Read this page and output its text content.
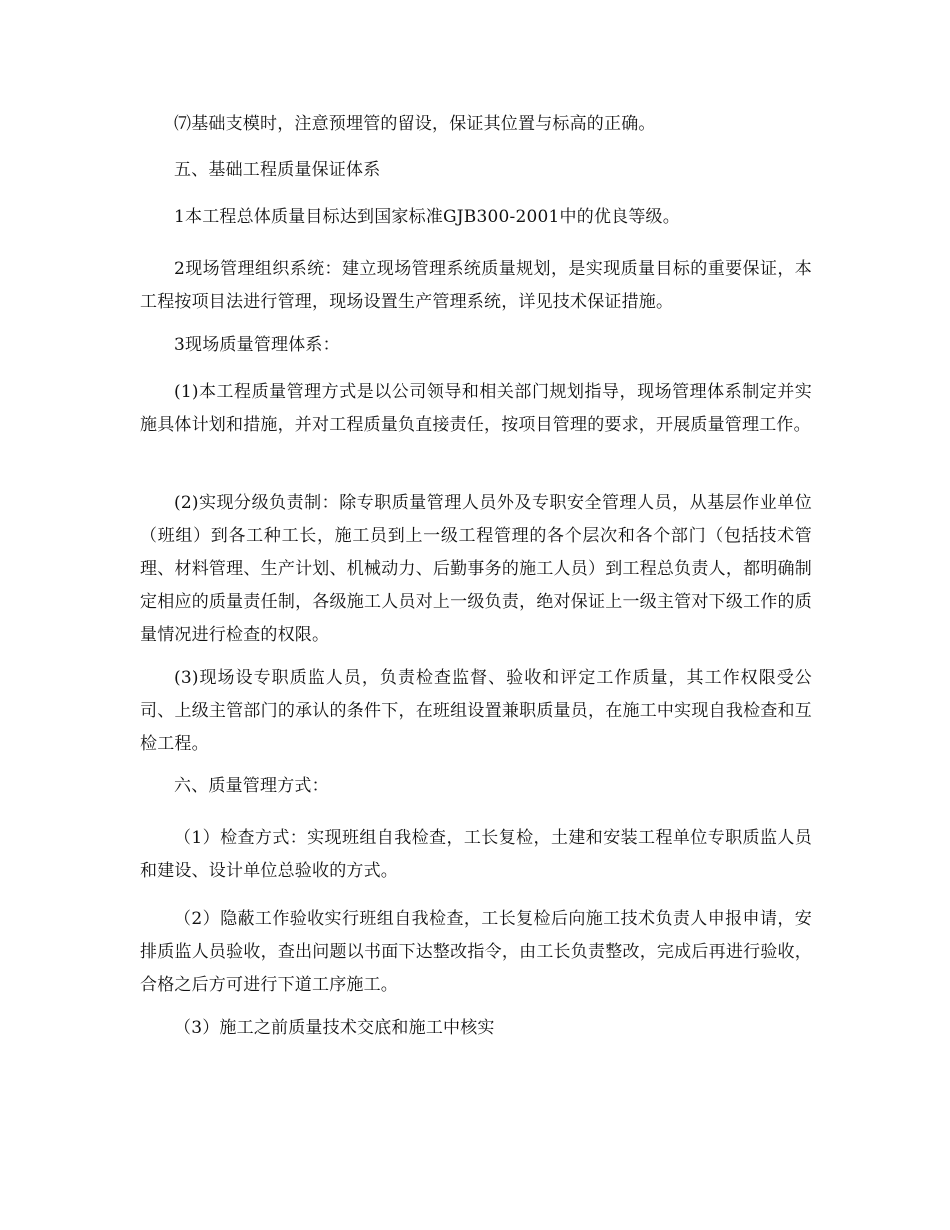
⑺基础支模时，注意预埋管的留设，保证其位置与标高的正确。

五、基础工程质量保证体系

1本工程总体质量目标达到国家标准GJB300-2001中的优良等级。

2现场管理组织系统：建立现场管理系统质量规划，是实现质量目标的重要保证，本工程按项目法进行管理，现场设置生产管理系统，详见技术保证措施。

3现场质量管理体系：

(1)本工程质量管理方式是以公司领导和相关部门规划指导，现场管理体系制定并实施具体计划和措施，并对工程质量负直接责任，按项目管理的要求，开展质量管理工作。

(2)实现分级负责制：除专职质量管理人员外及专职安全管理人员，从基层作业单位（班组）到各工种工长，施工员到上一级工程管理的各个层次和各个部门（包括技术管理、材料管理、生产计划、机械动力、后勤事务的施工人员）到工程总负责人，都明确制定相应的质量责任制，各级施工人员对上一级负责，绝对保证上一级主管对下级工作的质量情况进行检查的权限。

(3)现场设专职质监人员，负责检查监督、验收和评定工作质量，其工作权限受公司、上级主管部门的承认的条件下，在班组设置兼职质量员，在施工中实现自我检查和互检工程。

六、质量管理方式：

（1）检查方式：实现班组自我检查，工长复检，土建和安装工程单位专职质监人员和建设、设计单位总验收的方式。

（2）隐蔽工作验收实行班组自我检查，工长复检后向施工技术负责人申报申请，安排质监人员验收，查出问题以书面下达整改指令，由工长负责整改，完成后再进行验收，合格之后方可进行下道工序施工。

（3）施工之前质量技术交底和施工中核实
